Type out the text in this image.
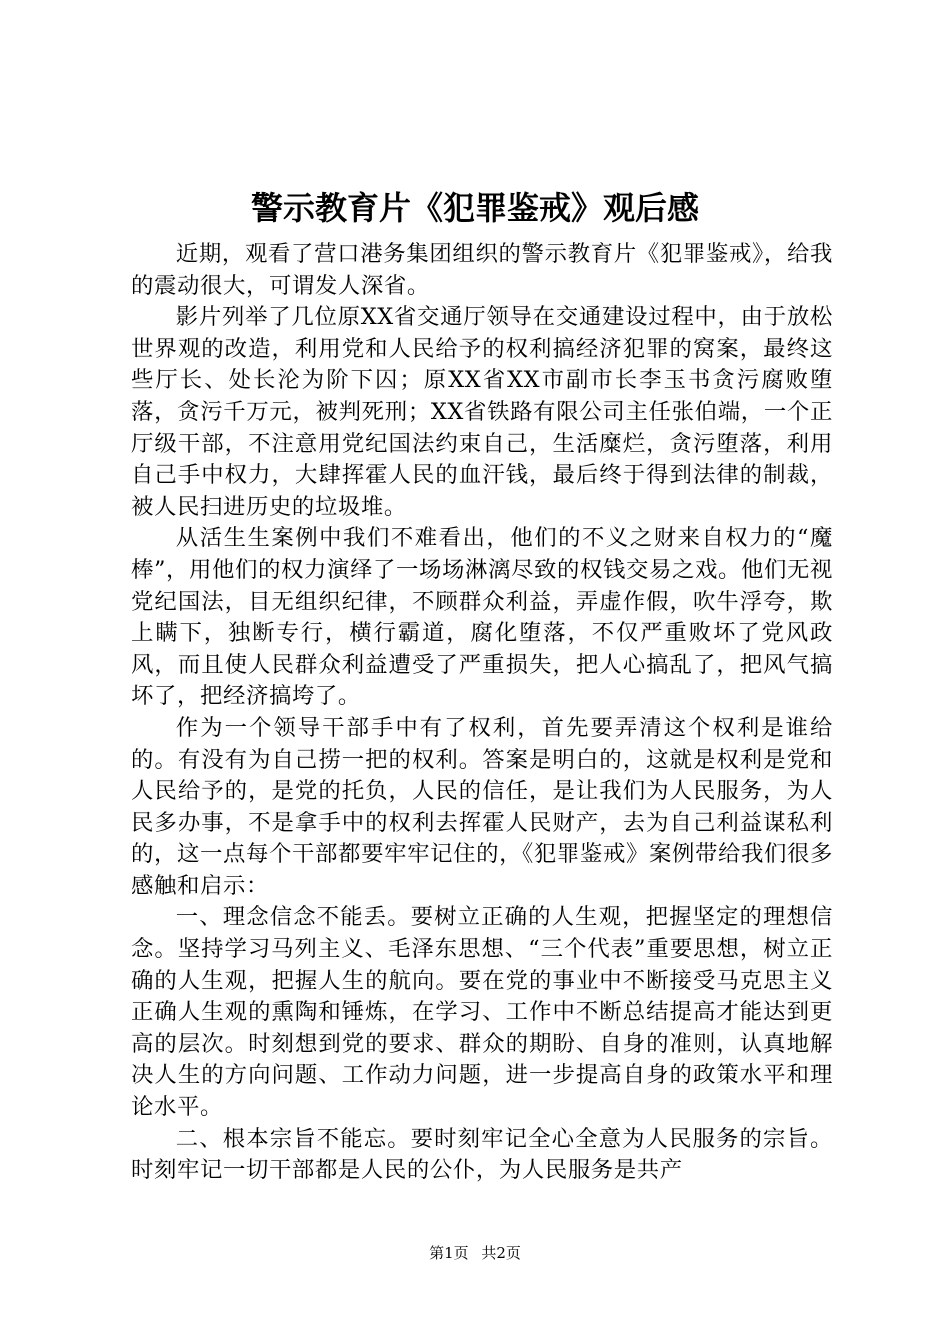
警示教育片《犯罪鉴戒》观后感

近期，观看了营口港务集团组织的警示教育片《犯罪鉴戒》，给我的震动很大，可谓发人深省。

影片列举了几位原XX省交通厅领导在交通建设过程中，由于放松世界观的改造，利用党和人民给予的权利搞经济犯罪的窝案，最终这些厅长、处长沦为阶下囚；原XX省XX市副市长李玉书贪污腐败堕落，贪污千万元，被判死刑；XX省铁路有限公司主任张伯端，一个正厅级干部，不注意用党纪国法约束自己，生活糜烂，贪污堕落，利用自己手中权力，大肆挥霍人民的血汗钱，最后终于得到法律的制裁，被人民扫进历史的垃圾堆。

从活生生案例中我们不难看出，他们的不义之财来自权力的“魔棒”，用他们的权力演绎了一场场淋漓尽致的权钱交易之戏。他们无视党纪国法，目无组织纪律，不顾群众利益，弄虚作假，吹牛浮夸，欺上瞒下，独断专行，横行霸道，腐化堕落，不仅严重败坏了党风政风，而且使人民群众利益遭受了严重损失，把人心搞乱了，把风气搞坏了，把经济搞垮了。

作为一个领导干部手中有了权利，首先要弄清这个权利是谁给的。有没有为自己捞一把的权利。答案是明白的，这就是权利是党和人民给予的，是党的托负，人民的信任，是让我们为人民服务，为人民多办事，不是拿手中的权利去挥霍人民财产，去为自己利益谋私利的，这一点每个干部都要牢牢记住的，《犯罪鉴戒》案例带给我们很多感触和启示：

一、理念信念不能丢。要树立正确的人生观，把握坚定的理想信念。坚持学习马列主义、毛泽东思想、“三个代表”重要思想，树立正确的人生观，把握人生的航向。要在党的事业中不断接受马克思主义正确人生观的熏陶和锤炼，在学习、工作中不断总结提高才能达到更高的层次。时刻想到党的要求、群众的期盼、自身的准则，认真地解决人生的方向问题、工作动力问题，进一步提高自身的政策水平和理论水平。

二、根本宗旨不能忘。要时刻牢记全心全意为人民服务的宗旨。时刻牢记一切干部都是人民的公仆，为人民服务是共产

第1页 共2页
